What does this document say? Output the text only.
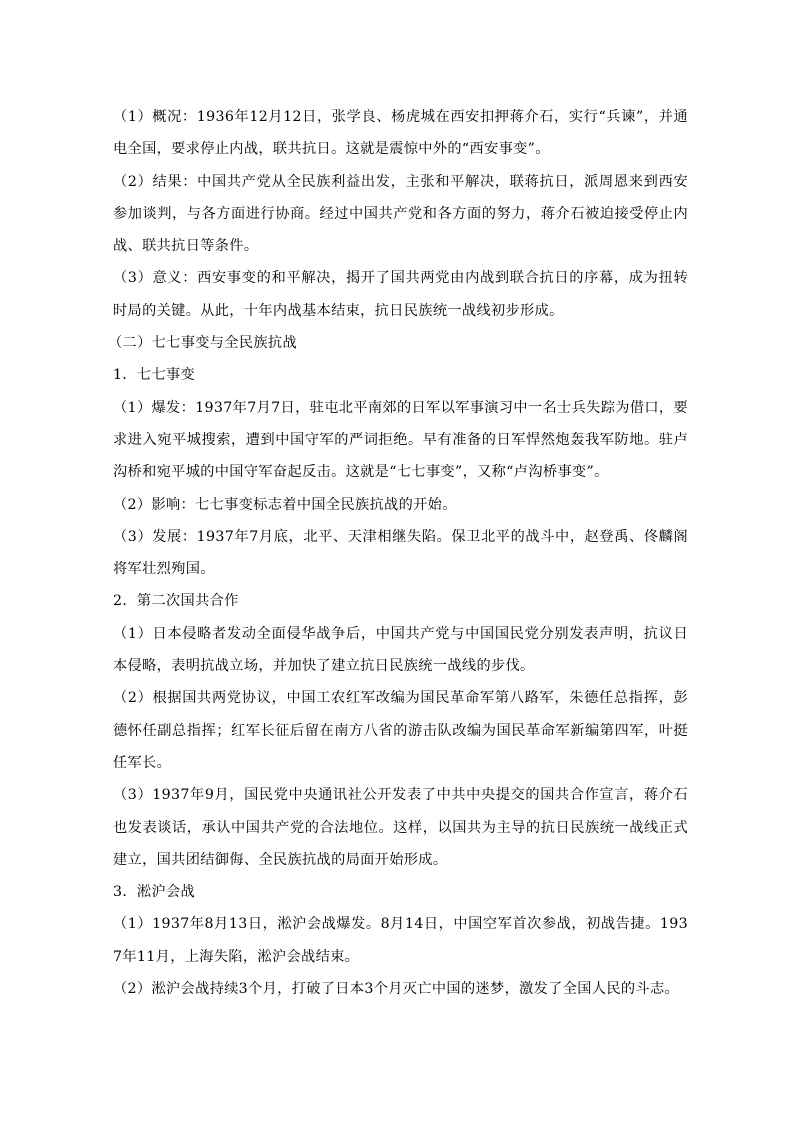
（1）概况：1936年12月12日，张学良、杨虎城在西安扣押蒋介石，实行“兵谏”，并通电全国，要求停止内战，联共抗日。这就是震惊中外的“西安事变”。

（2）结果：中国共产党从全民族利益出发，主张和平解决，联蒋抗日，派周恩来到西安参加谈判，与各方面进行协商。经过中国共产党和各方面的努力，蒋介石被迫接受停止内战、联共抗日等条件。

（3）意义：西安事变的和平解决，揭开了国共两党由内战到联合抗日的序幕，成为扭转时局的关键。从此，十年内战基本结束，抗日民族统一战线初步形成。

（二）七七事变与全民族抗战

1．七七事变

（1）爆发：1937年7月7日，驻屯北平南郊的日军以军事演习中一名士兵失踪为借口，要求进入宛平城搜索，遭到中国守军的严词拒绝。早有准备的日军悍然炮轰我军防地。驻卢沟桥和宛平城的中国守军奋起反击。这就是“七七事变”，又称“卢沟桥事变”。

（2）影响：七七事变标志着中国全民族抗战的开始。

（3）发展：1937年7月底，北平、天津相继失陷。保卫北平的战斗中，赵登禹、佟麟阁将军壮烈殉国。

2．第二次国共合作

（1）日本侵略者发动全面侵华战争后，中国共产党与中国国民党分别发表声明，抗议日本侵略，表明抗战立场，并加快了建立抗日民族统一战线的步伐。

（2）根据国共两党协议，中国工农红军改编为国民革命军第八路军，朱德任总指挥，彭德怀任副总指挥；红军长征后留在南方八省的游击队改编为国民革命军新编第四军，叶挺任军长。

（3）1937年9月，国民党中央通讯社公开发表了中共中央提交的国共合作宣言，蒋介石也发表谈话，承认中国共产党的合法地位。这样，以国共为主导的抗日民族统一战线正式建立，国共团结御侮、全民族抗战的局面开始形成。

3．淞沪会战

（1）1937年8月13日，淞沪会战爆发。8月14日，中国空军首次参战，初战告捷。1937年11月，上海失陷，淞沪会战结束。

（2）淞沪会战持续3个月，打破了日本3个月灭亡中国的迷梦，激发了全国人民的斗志。
